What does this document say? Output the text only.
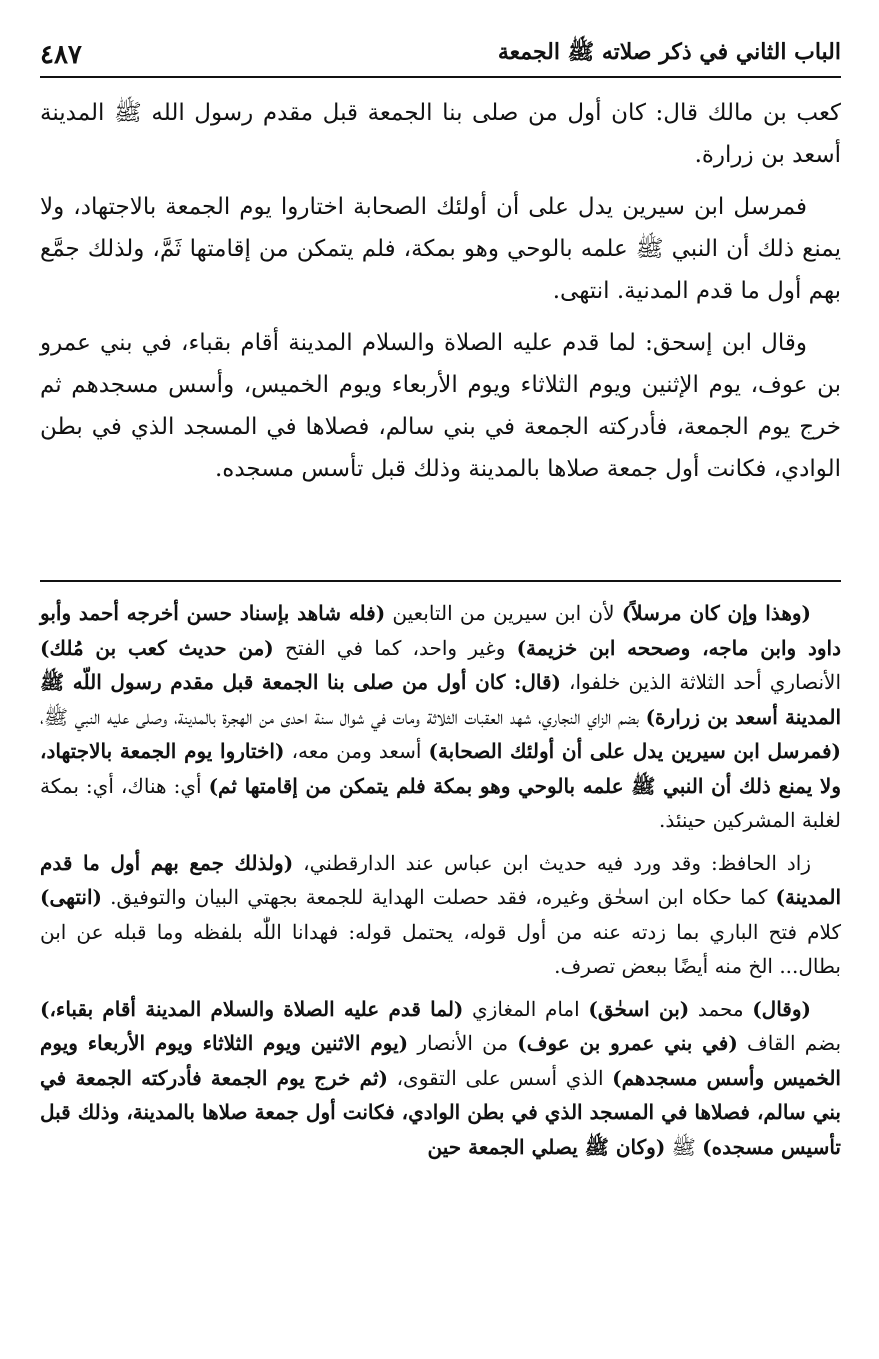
الباب الثاني في ذكر صلاته ﷺ الجمعة
٤٨٧

كعب بن مالك قال: كان أول من صلى بنا الجمعة قبل مقدم رسول الله ﷺ المدينة أسعد بن زرارة.

فمرسل ابن سيرين يدل على أن أولئك الصحابة اختاروا يوم الجمعة بالاجتهاد، ولا يمنع ذلك أن النبي ﷺ علمه بالوحي وهو بمكة، فلم يتمكن من إقامتها ثَمَّ، ولذلك جمَّع بهم أول ما قدم المدنية. انتهى.

وقال ابن إسحق: لما قدم عليه الصلاة والسلام المدينة أقام بقباء، في بني عمرو بن عوف، يوم الإثنين ويوم الثلاثاء ويوم الأربعاء ويوم الخميس، وأسس مسجدهم ثم خرج يوم الجمعة، فأدركته الجمعة في بني سالم، فصلاها في المسجد الذي في بطن الوادي، فكانت أول جمعة صلاها بالمدينة وذلك قبل تأسس مسجده.

(وهذا وإن كان مرسلاً) لأن ابن سيرين من التابعين (فله شاهد بإسناد حسن أخرجه أحمد وأبو داود وابن ماجه، وصححه ابن خزيمة) وغير واحد، كما في الفتح (من حديث كعب بن مُلك) الأنصاري أحد الثلاثة الذين خلفوا، (قال: كان أول من صلى بنا الجمعة قبل مقدم رسول اللّه ﷺ المدينة أسعد بن زرارة) بضم الزاي النجاري، شهد العقبات الثلاثة ومات في شوال سنة احدى من الهجرة بالمدينة، وصلى عليه النبي ﷺ، (فمرسل ابن سيرين يدل على أن أولئك الصحابة) أسعد ومن معه، (اختاروا يوم الجمعة بالاجتهاد، ولا يمنع ذلك أن النبي ﷺ علمه بالوحي وهو بمكة فلم يتمكن من إقامتها ثم) أي: هناك، أي: بمكة لغلبة المشركين حينئذ.

زاد الحافظ: وقد ورد فيه حديث ابن عباس عند الدارقطني، (ولذلك جمع بهم أول ما قدم المدينة) كما حكاه ابن اسحٰق وغيره، فقد حصلت الهداية للجمعة بجهتي البيان والتوفيق. (انتهى) كلام فتح الباري بما زدته عنه من أول قوله، يحتمل قوله: فهدانا اللّٰه بلفظه وما قبله عن ابن بطال... الخ منه أيضًا ببعض تصرف.

(وقال) محمد (بن اسحٰق) امام المغازي (لما قدم عليه الصلاة والسلام المدينة أقام بقباء،) بضم القاف (في بني عمرو بن عوف) من الأنصار (يوم الاثنين ويوم الثلاثاء ويوم الأربعاء ويوم الخميس وأسس مسجدهم) الذي أسس على التقوى، (ثم خرج يوم الجمعة فأدركته الجمعة في بني سالم، فصلاها في المسجد الذي في بطن الوادي، فكانت أول جمعة صلاها بالمدينة، وذلك قبل تأسيس مسجده) ﷺ (وكان ﷺ يصلي الجمعة حين
